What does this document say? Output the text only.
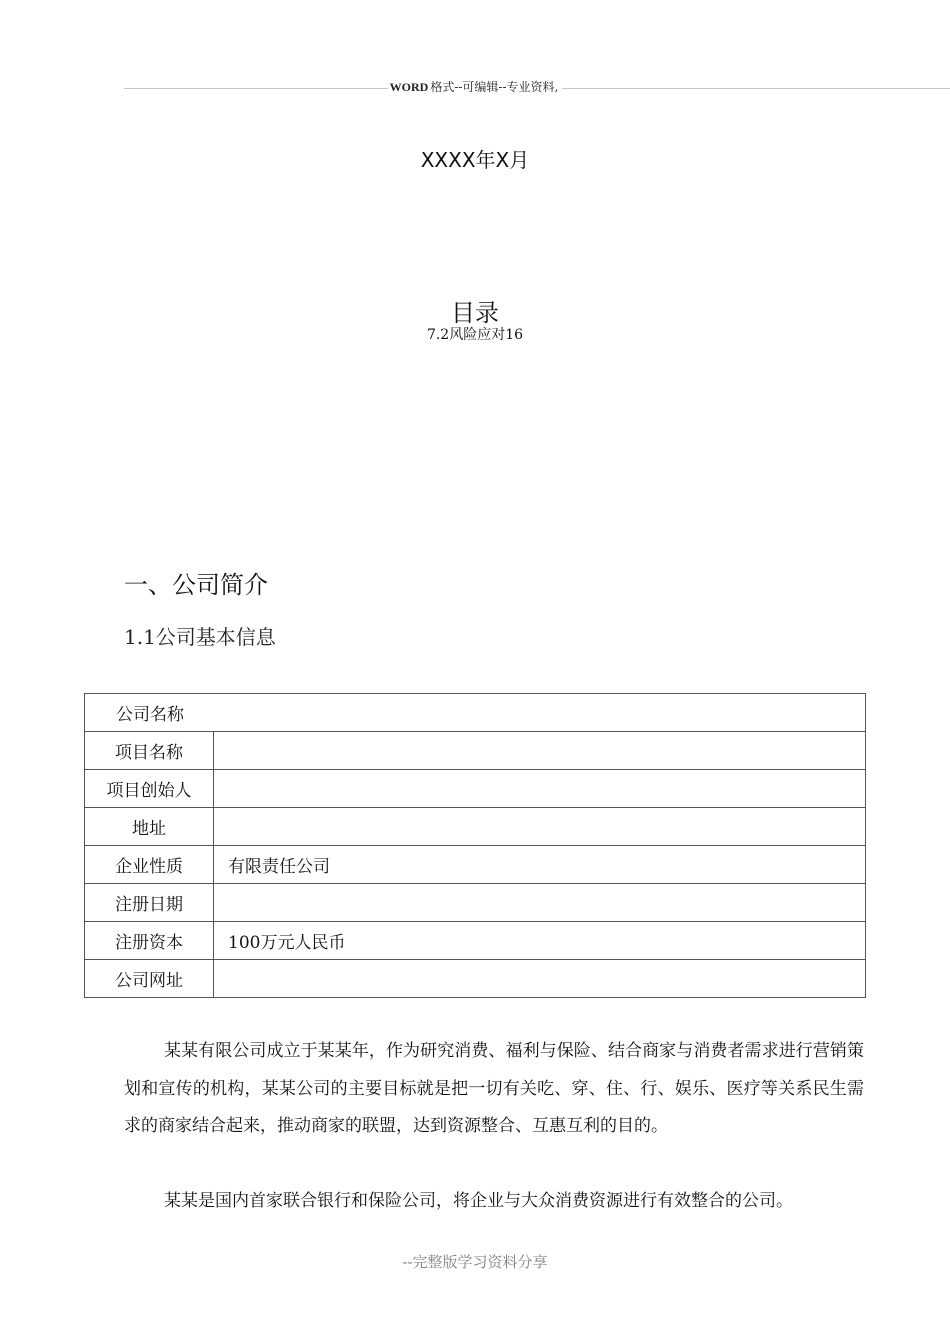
WORD 格式--可编辑--专业资料,
XXXX年X月
目录
7.2风险应对16
一、公司简介
1.1公司基本信息
公司名称	
项目名称	
项目创始人	
地址	
企业性质	有限责任公司
注册日期	
注册资本	100万元人民币
公司网址	

某某有限公司成立于某某年，作为研究消费、福利与保险、结合商家与消费者需求进行营销策划和宣传的机构，某某公司的主要目标就是把一切有关吃、穿、住、行、娱乐、医疗等关系民生需求的商家结合起来，推动商家的联盟，达到资源整合、互惠互利的目的。

某某是国内首家联合银行和保险公司，将企业与大众消费资源进行有效整合的公司。

--完整版学习资料分享
